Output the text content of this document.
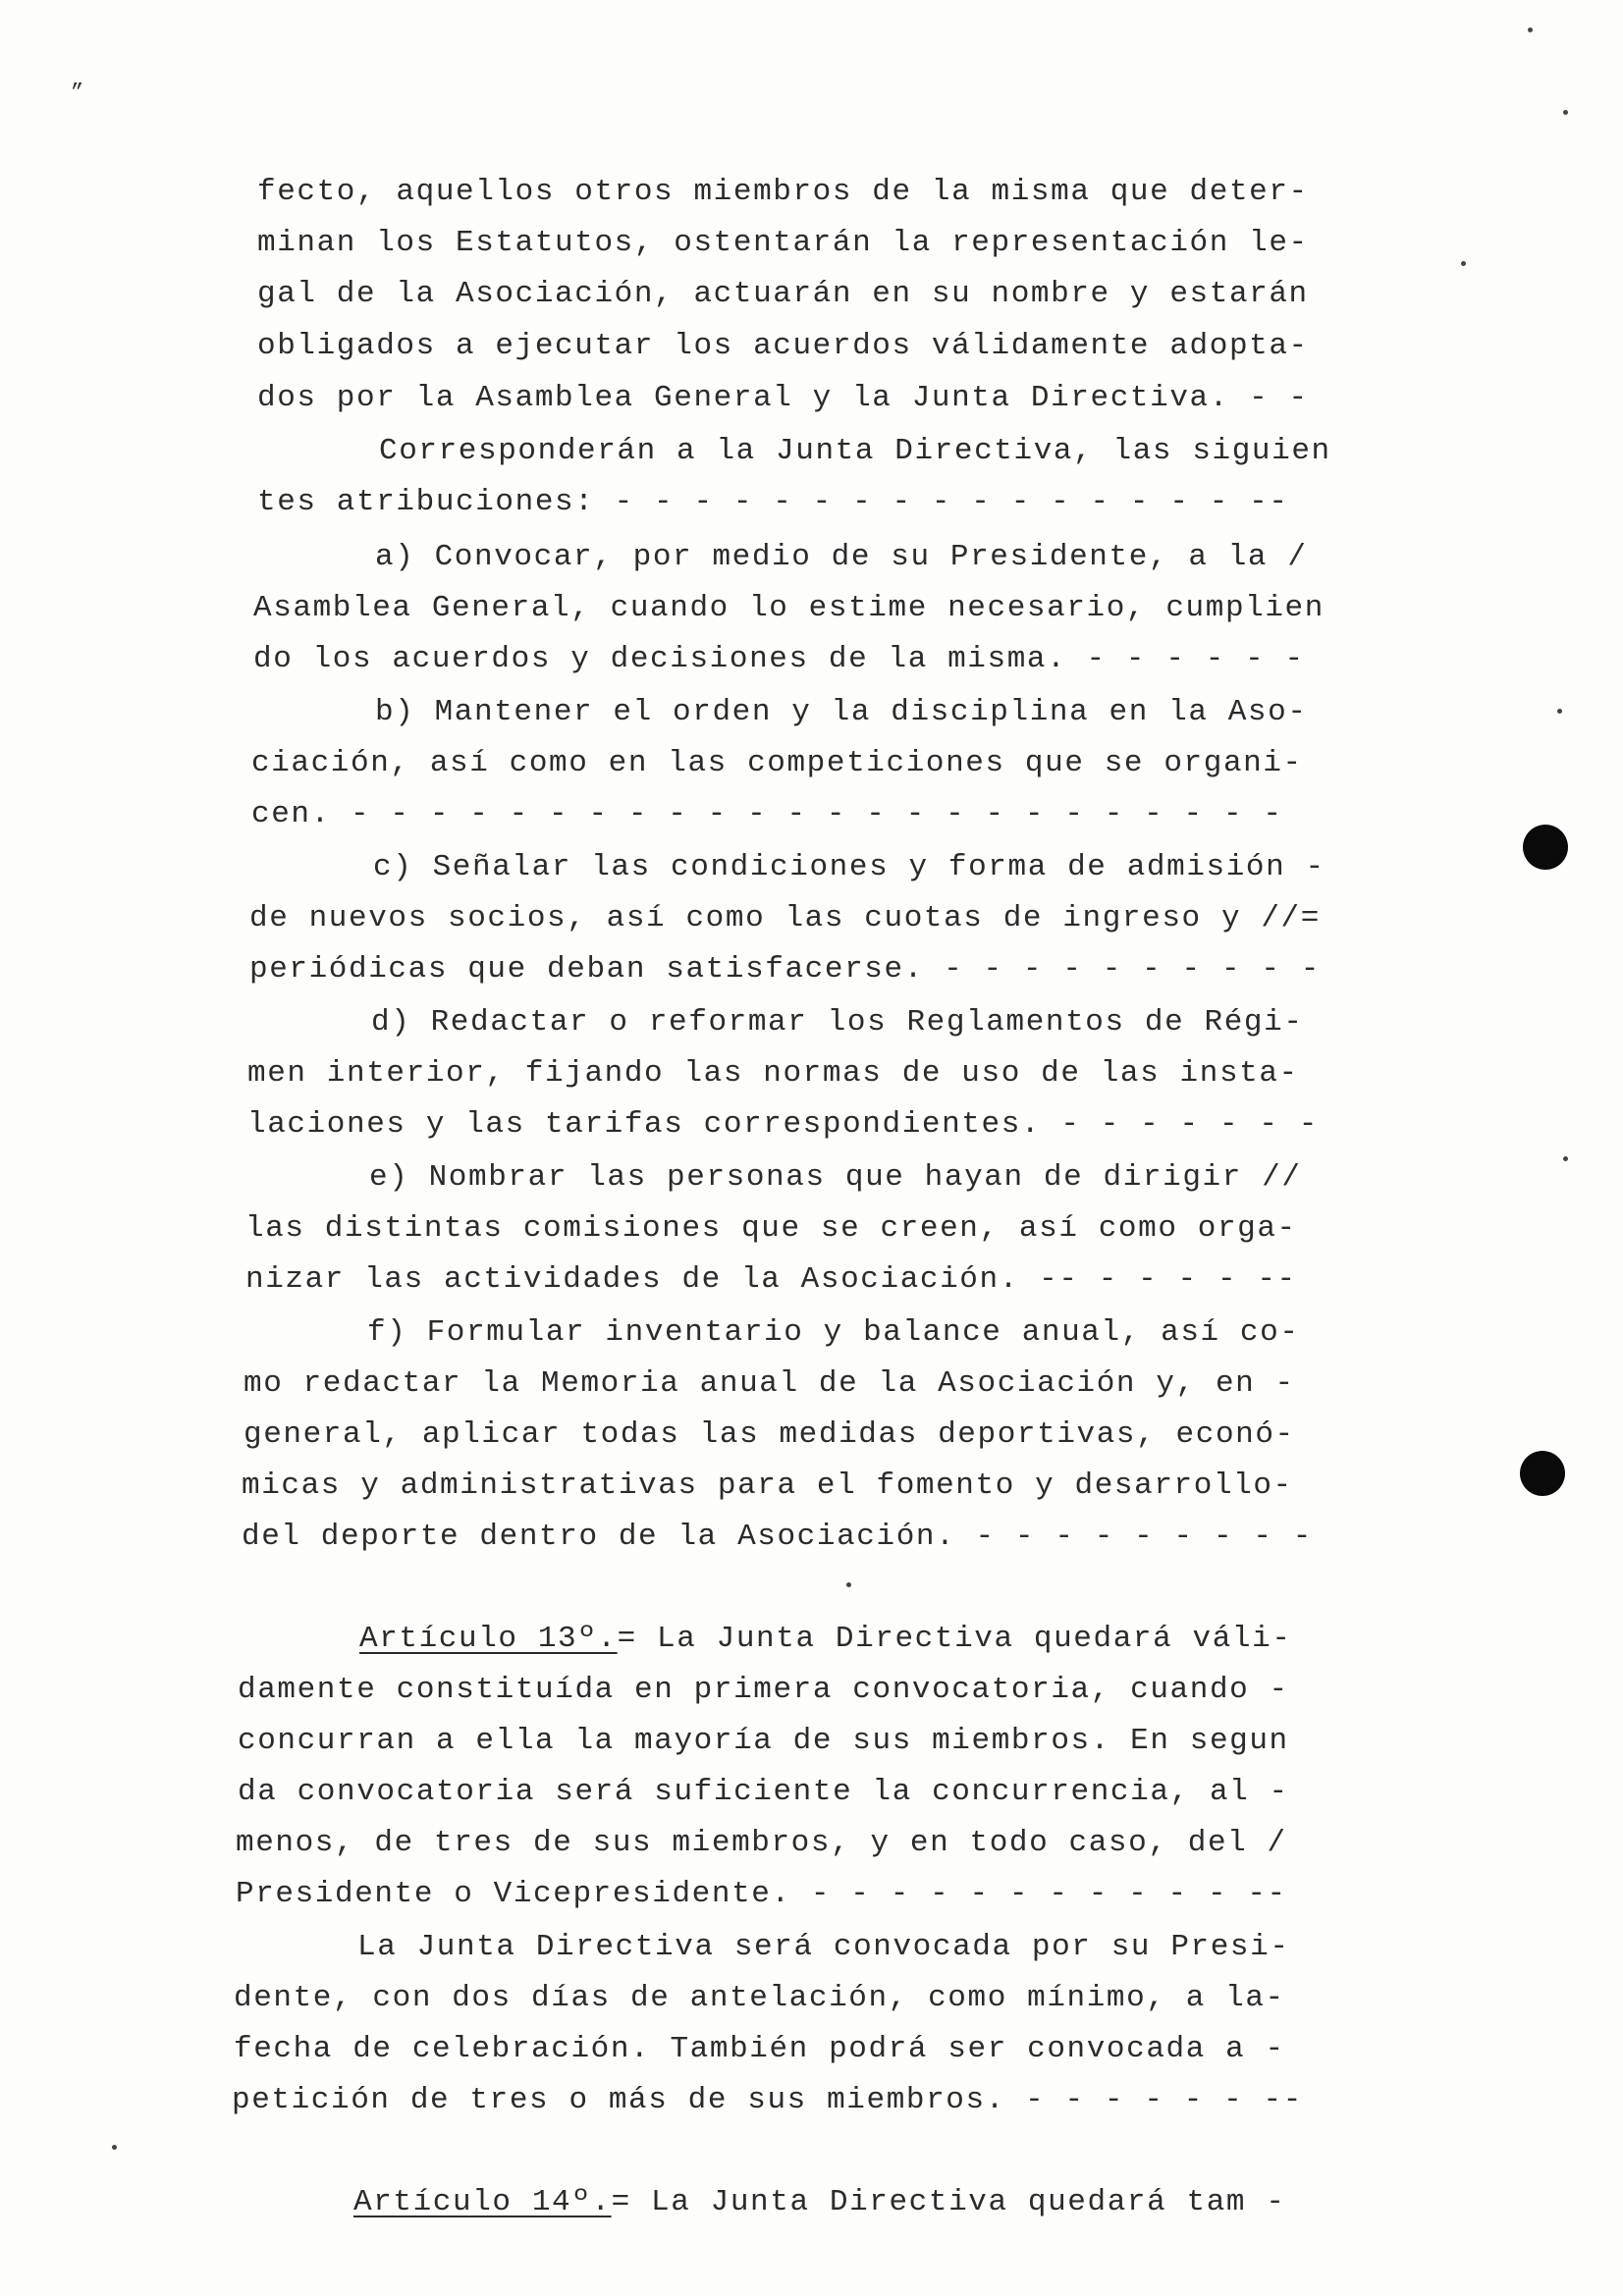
”
fecto, aquellos otros miembros de la misma que deter-
minan los Estatutos, ostentarán la representación le-
gal de la Asociación, actuarán en su nombre y estarán
obligados a ejecutar los acuerdos válidamente adopta-
dos por la Asamblea General y la Junta Directiva. - -
Corresponderán a la Junta Directiva, las siguien
tes atribuciones: - - - - - - - - - - - - - - - - --
a) Convocar, por medio de su Presidente, a la /
Asamblea General, cuando lo estime necesario, cumplien
do los acuerdos y decisiones de la misma. - - - - - -
b) Mantener el orden y la disciplina en la Aso-
ciación, así como en las competiciones que se organi-
cen. - - - - - - - - - - - - - - - - - - - - - - - -
c) Señalar las condiciones y forma de admisión -
de nuevos socios, así como las cuotas de ingreso y //=
periódicas que deban satisfacerse. - - - - - - - - - -
d) Redactar o reformar los Reglamentos de Régi-
men interior, fijando las normas de uso de las insta-
laciones y las tarifas correspondientes. - - - - - - -
e) Nombrar las personas que hayan de dirigir //
las distintas comisiones que se creen, así como orga-
nizar las actividades de la Asociación. -- - - - - --
f) Formular inventario y balance anual, así co-
mo redactar la Memoria anual de la Asociación y, en -
general, aplicar todas las medidas deportivas, econó-
micas y administrativas para el fomento y desarrollo-
del deporte dentro de la Asociación. - - - - - - - - -
Artículo 13º.= La Junta Directiva quedará váli-
damente constituída en primera convocatoria, cuando -
concurran a ella la mayoría de sus miembros. En segun
da convocatoria será suficiente la concurrencia, al -
menos, de tres de sus miembros, y en todo caso, del /
Presidente o Vicepresidente. - - - - - - - - - - - --
La Junta Directiva será convocada por su Presi-
dente, con dos días de antelación, como mínimo, a la-
fecha de celebración. También podrá ser convocada a -
petición de tres o más de sus miembros. - - - - - - --
Artículo 14º.= La Junta Directiva quedará tam -
